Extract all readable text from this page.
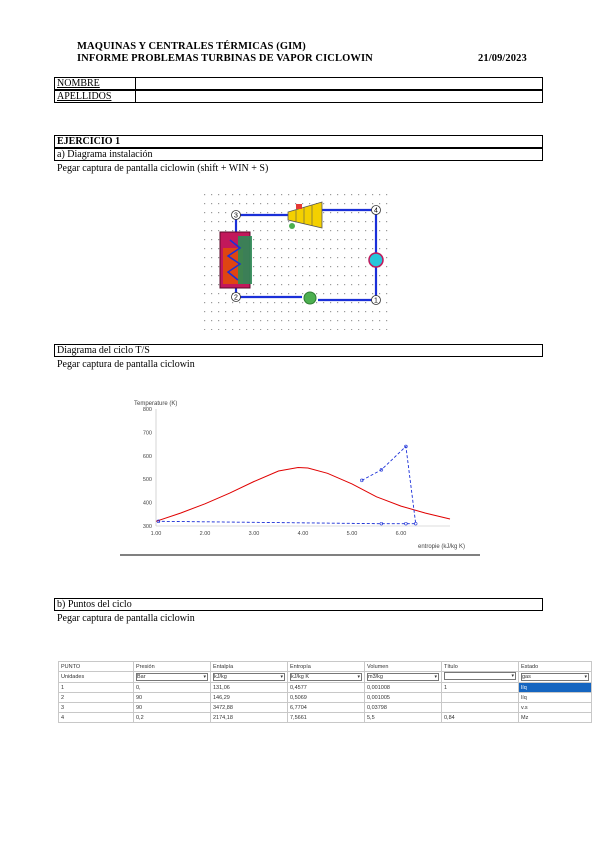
MAQUINAS Y CENTRALES TÉRMICAS (GIM)
INFORME PROBLEMAS TURBINAS DE VAPOR CICLOWIN	21/09/2023
NOMBRE
APELLIDOS
EJERCICIO 1
a) Diagrama instalación
Pegar captura de pantalla ciclowin (shift + WIN + S)
3
4
1
2
Diagrama del ciclo T/S
Pegar captura de pantalla ciclowin
Temperature (K)
entropie (kJ/kg K)
800
700
600
500
400
300
1.00	2.00	3.00	4.00	5.00	6.00
b) Puntos del ciclo
Pegar captura de pantalla ciclowin
PUNTO	Presión	Entalpía	Entropía	Volumen	Título	Estado
Unidades	Bar ▾	kJ/kg ▾	kJ/kg K ▾	m3/kg ▾	▾	gas ▾

1	0,	131,06	0,4577	0,001008	1	líq
2	90	146,29	0,5069	0,001005		líq
3	90	3472,88	6,7704	0,03798		v.s
4	0,2	2174,18	7,5661	5,5	0,84	Mz
